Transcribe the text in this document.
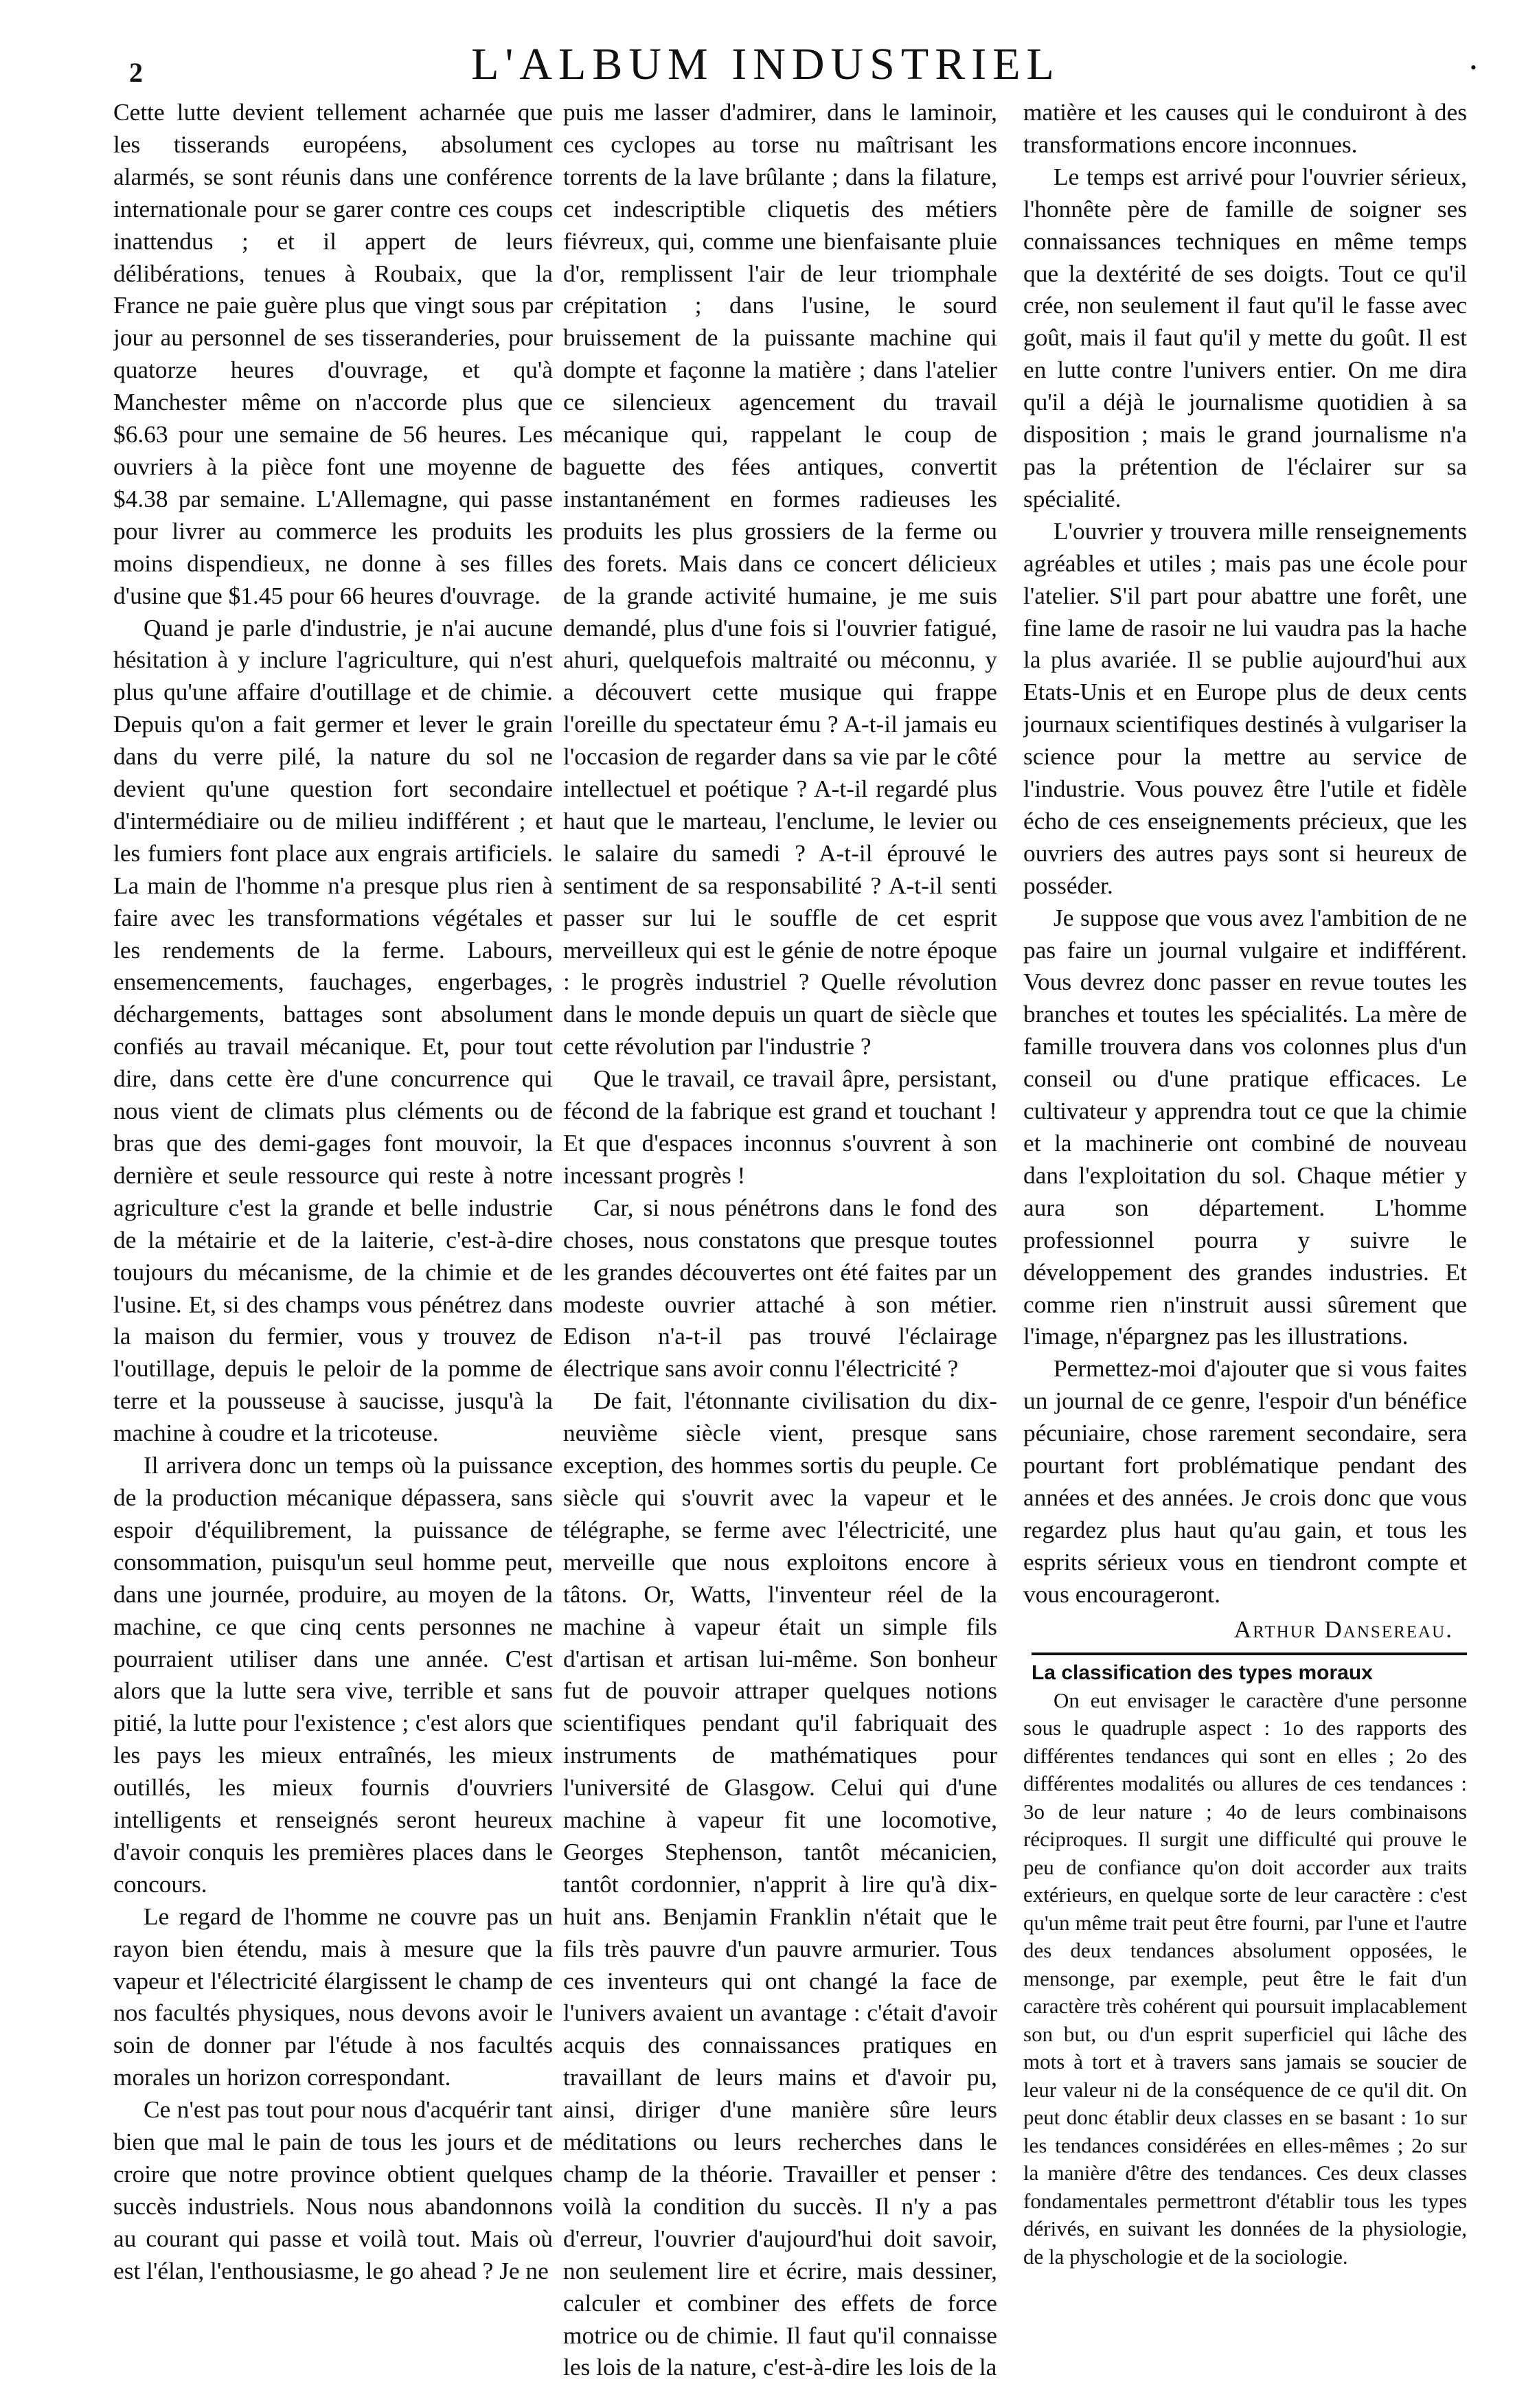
2	L'ALBUM INDUSTRIEL	•

Cette lutte devient tellement acharnée que les tisserands européens, absolument alarmés, se sont réunis dans une conférence internationale pour se garer contre ces coups inattendus ; et il appert de leurs délibérations, tenues à Roubaix, que la France ne paie guère plus que vingt sous par jour au personnel de ses tisseranderies, pour quatorze heures d'ouvrage, et qu'à Manchester même on n'accorde plus que $6.63 pour une semaine de 56 heures. Les ouvriers à la pièce font une moyenne de $4.38 par semaine. L'Allemagne, qui passe pour livrer au commerce les produits les moins dispendieux, ne donne à ses filles d'usine que $1.45 pour 66 heures d'ouvrage.

Quand je parle d'industrie, je n'ai aucune hésitation à y inclure l'agriculture, qui n'est plus qu'une affaire d'outillage et de chimie. Depuis qu'on a fait germer et lever le grain dans du verre pilé, la nature du sol ne devient qu'une question fort secondaire d'intermédiaire ou de milieu indifférent ; et les fumiers font place aux engrais artificiels. La main de l'homme n'a presque plus rien à faire avec les transformations végétales et les rendements de la ferme. Labours, ensemencements, fauchages, engerbages, déchargements, battages sont absolument confiés au travail mécanique. Et, pour tout dire, dans cette ère d'une concurrence qui nous vient de climats plus cléments ou de bras que des demi-gages font mouvoir, la dernière et seule ressource qui reste à notre agriculture c'est la grande et belle industrie de la métairie et de la laiterie, c'est-à-dire toujours du mécanisme, de la chimie et de l'usine. Et, si des champs vous pénétrez dans la maison du fermier, vous y trouvez de l'outillage, depuis le peloir de la pomme de terre et la pousseuse à saucisse, jusqu'à la machine à coudre et la tricoteuse.

Il arrivera donc un temps où la puissance de la production mécanique dépassera, sans espoir d'équilibrement, la puissance de consommation, puisqu'un seul homme peut, dans une journée, produire, au moyen de la machine, ce que cinq cents personnes ne pourraient utiliser dans une année. C'est alors que la lutte sera vive, terrible et sans pitié, la lutte pour l'existence ; c'est alors que les pays les mieux entraînés, les mieux outillés, les mieux fournis d'ouvriers intelligents et renseignés seront heureux d'avoir conquis les premières places dans le concours.

Le regard de l'homme ne couvre pas un rayon bien étendu, mais à mesure que la vapeur et l'électricité élargissent le champ de nos facultés physiques, nous devons avoir le soin de donner par l'étude à nos facultés morales un horizon correspondant.

Ce n'est pas tout pour nous d'acquérir tant bien que mal le pain de tous les jours et de croire que notre province obtient quelques succès industriels. Nous nous abandonnons au courant qui passe et voilà tout. Mais où est l'élan, l'enthousiasme, le go ahead ? Je ne

puis me lasser d'admirer, dans le laminoir, ces cyclopes au torse nu maîtrisant les torrents de la lave brûlante ; dans la filature, cet indescriptible cliquetis des métiers fiévreux, qui, comme une bienfaisante pluie d'or, remplissent l'air de leur triomphale crépitation ; dans l'usine, le sourd bruissement de la puissante machine qui dompte et façonne la matière ; dans l'atelier ce silencieux agencement du travail mécanique qui, rappelant le coup de baguette des fées antiques, convertit instantanément en formes radieuses les produits les plus grossiers de la ferme ou des forets. Mais dans ce concert délicieux de la grande activité humaine, je me suis demandé, plus d'une fois si l'ouvrier fatigué, ahuri, quelquefois maltraité ou méconnu, y a découvert cette musique qui frappe l'oreille du spectateur ému ? A-t-il jamais eu l'occasion de regarder dans sa vie par le côté intellectuel et poétique ? A-t-il regardé plus haut que le marteau, l'enclume, le levier ou le salaire du samedi ? A-t-il éprouvé le sentiment de sa responsabilité ? A-t-il senti passer sur lui le souffle de cet esprit merveilleux qui est le génie de notre époque : le progrès industriel ? Quelle révolution dans le monde depuis un quart de siècle que cette révolution par l'industrie ?

Que le travail, ce travail âpre, persistant, fécond de la fabrique est grand et touchant ! Et que d'espaces inconnus s'ouvrent à son incessant progrès !

Car, si nous pénétrons dans le fond des choses, nous constatons que presque toutes les grandes découvertes ont été faites par un modeste ouvrier attaché à son métier. Edison n'a-t-il pas trouvé l'éclairage électrique sans avoir connu l'électricité ?

De fait, l'étonnante civilisation du dix-neuvième siècle vient, presque sans exception, des hommes sortis du peuple. Ce siècle qui s'ouvrit avec la vapeur et le télégraphe, se ferme avec l'électricité, une merveille que nous exploitons encore à tâtons. Or, Watts, l'inventeur réel de la machine à vapeur était un simple fils d'artisan et artisan lui-même. Son bonheur fut de pouvoir attraper quelques notions scientifiques pendant qu'il fabriquait des instruments de mathématiques pour l'université de Glasgow. Celui qui d'une machine à vapeur fit une locomotive, Georges Stephenson, tantôt mécanicien, tantôt cordonnier, n'apprit à lire qu'à dix-huit ans. Benjamin Franklin n'était que le fils très pauvre d'un pauvre armurier. Tous ces inventeurs qui ont changé la face de l'univers avaient un avantage : c'était d'avoir acquis des connaissances pratiques en travaillant de leurs mains et d'avoir pu, ainsi, diriger d'une manière sûre leurs méditations ou leurs recherches dans le champ de la théorie. Travailler et penser : voilà la condition du succès. Il n'y a pas d'erreur, l'ouvrier d'aujourd'hui doit savoir, non seulement lire et écrire, mais dessiner, calculer et combiner des effets de force motrice ou de chimie. Il faut qu'il connaisse les lois de la nature, c'est-à-dire les lois de la

matière et les causes qui le conduiront à des transformations encore inconnues.

Le temps est arrivé pour l'ouvrier sérieux, l'honnête père de famille de soigner ses connaissances techniques en même temps que la dextérité de ses doigts. Tout ce qu'il crée, non seulement il faut qu'il le fasse avec goût, mais il faut qu'il y mette du goût. Il est en lutte contre l'univers entier. On me dira qu'il a déjà le journalisme quotidien à sa disposition ; mais le grand journalisme n'a pas la prétention de l'éclairer sur sa spécialité.

L'ouvrier y trouvera mille renseignements agréables et utiles ; mais pas une école pour l'atelier. S'il part pour abattre une forêt, une fine lame de rasoir ne lui vaudra pas la hache la plus avariée. Il se publie aujourd'hui aux Etats-Unis et en Europe plus de deux cents journaux scientifiques destinés à vulgariser la science pour la mettre au service de l'industrie. Vous pouvez être l'utile et fidèle écho de ces enseignements précieux, que les ouvriers des autres pays sont si heureux de posséder.

Je suppose que vous avez l'ambition de ne pas faire un journal vulgaire et indifférent. Vous devrez donc passer en revue toutes les branches et toutes les spécialités. La mère de famille trouvera dans vos colonnes plus d'un conseil ou d'une pratique efficaces. Le cultivateur y apprendra tout ce que la chimie et la machinerie ont combiné de nouveau dans l'exploitation du sol. Chaque métier y aura son département. L'homme professionnel pourra y suivre le développement des grandes industries. Et comme rien n'instruit aussi sûrement que l'image, n'épargnez pas les illustrations.

Permettez-moi d'ajouter que si vous faites un journal de ce genre, l'espoir d'un bénéfice pécuniaire, chose rarement secondaire, sera pourtant fort problématique pendant des années et des années. Je crois donc que vous regardez plus haut qu'au gain, et tous les esprits sérieux vous en tiendront compte et vous encourageront.

Arthur Dansereau.
La classification des types moraux

On eut envisager le caractère d'une personne sous le quadruple aspect : 1o des rapports des différentes tendances qui sont en elles ; 2o des différentes modalités ou allures de ces tendances : 3o de leur nature ; 4o de leurs combinaisons réciproques. Il surgit une difficulté qui prouve le peu de confiance qu'on doit accorder aux traits extérieurs, en quelque sorte de leur caractère : c'est qu'un même trait peut être fourni, par l'une et l'autre des deux tendances absolument opposées, le mensonge, par exemple, peut être le fait d'un caractère très cohérent qui poursuit implacablement son but, ou d'un esprit superficiel qui lâche des mots à tort et à travers sans jamais se soucier de leur valeur ni de la conséquence de ce qu'il dit. On peut donc établir deux classes en se basant : 1o sur les tendances considérées en elles-mêmes ; 2o sur la manière d'être des tendances. Ces deux classes fondamentales permettront d'établir tous les types dérivés, en suivant les données de la physiologie, de la physchologie et de la sociologie.
